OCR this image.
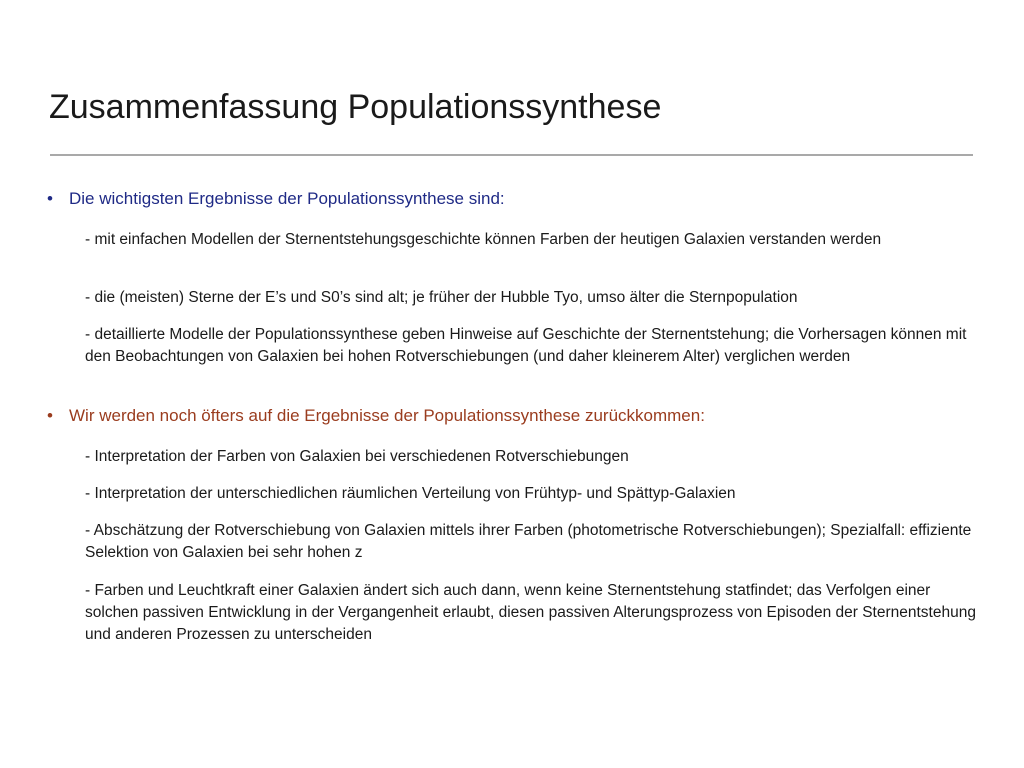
Zusammenfassung Populationssynthese
• Die wichtigsten Ergebnisse der Populationssynthese sind:

- mit einfachen Modellen der Sternentstehungsgeschichte können Farben der heutigen Galaxien verstanden werden

- die (meisten) Sterne der E’s und S0’s sind alt; je früher der Hubble Tyo, umso älter die Sternpopulation

- detaillierte Modelle der Populationssynthese geben Hinweise auf Geschichte der Sternentstehung; die Vorhersagen können mit den Beobachtungen von Galaxien bei hohen Rotverschiebungen (und daher kleinerem Alter) verglichen werden

• Wir werden noch öfters auf die Ergebnisse der Populationssynthese zurückkommen:

- Interpretation der Farben von Galaxien bei verschiedenen Rotverschiebungen

- Interpretation der unterschiedlichen räumlichen Verteilung von Frühtyp- und Spättyp-Galaxien

- Abschätzung der Rotverschiebung von Galaxien mittels ihrer Farben (photometrische Rotverschiebungen); Spezialfall: effiziente Selektion von Galaxien bei sehr hohen z

- Farben und Leuchtkraft einer Galaxien ändert sich auch dann, wenn keine Sternentstehung statfindet; das Verfolgen einer solchen passiven Entwicklung in der Vergangenheit erlaubt, diesen passiven Alterungsprozess von Episoden der Sternentstehung und anderen Prozessen zu unterscheiden
